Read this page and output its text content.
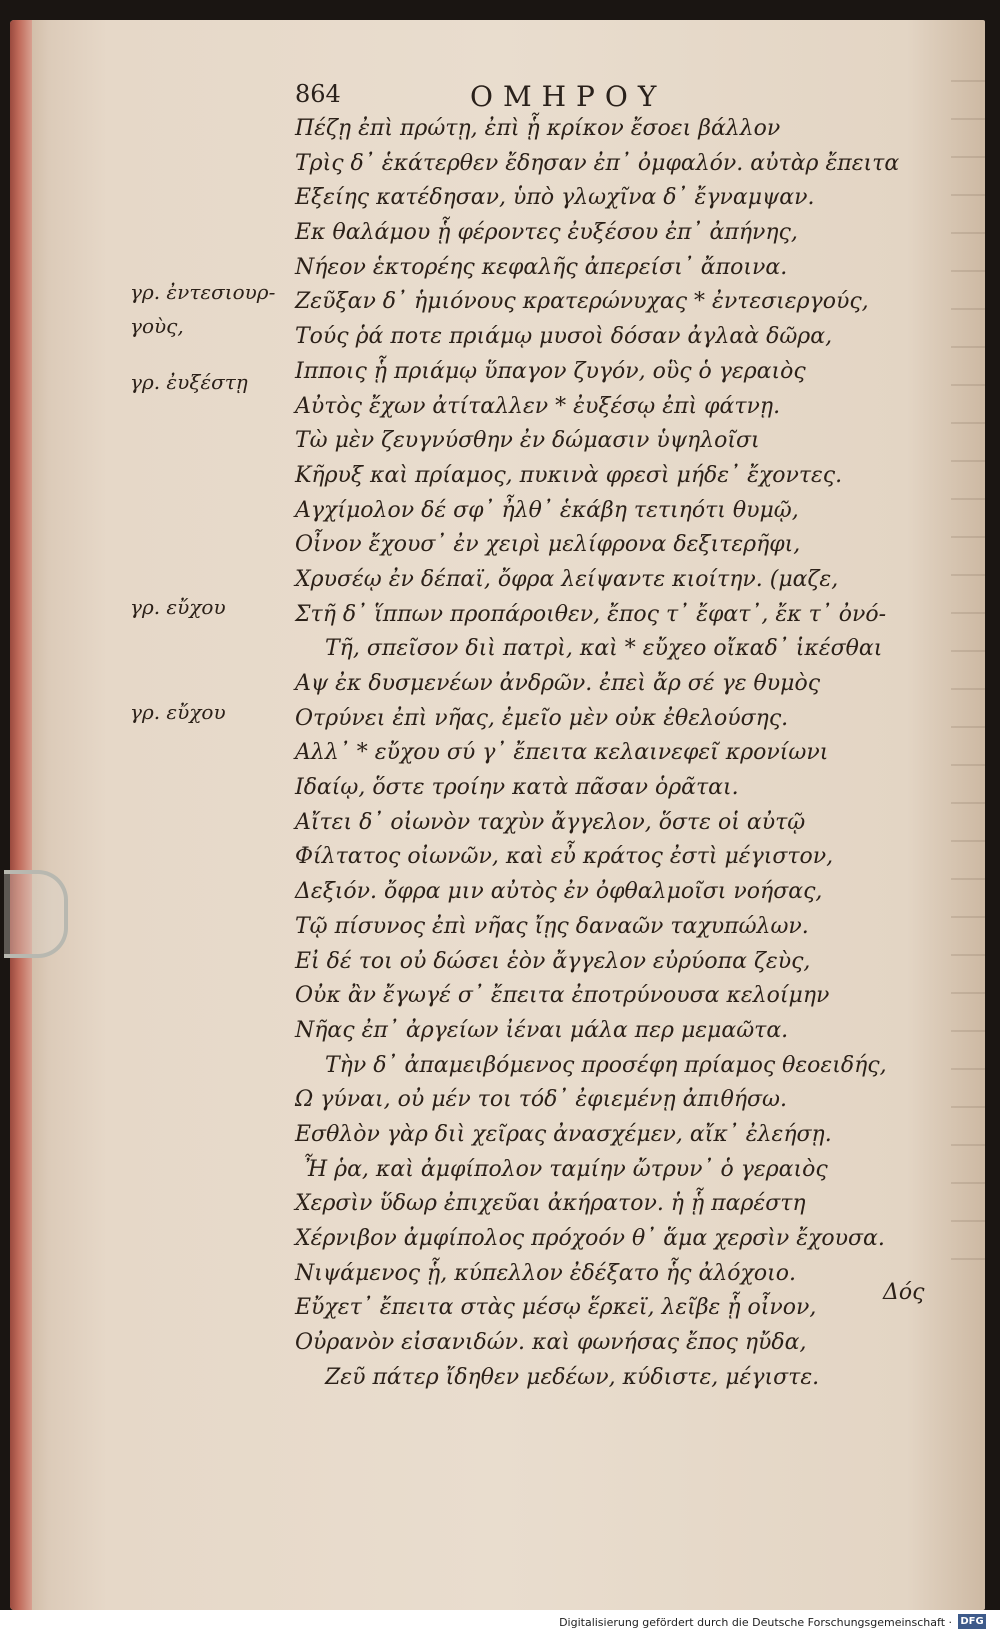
864	ΟΜΗΡΟΥ
γρ. ἐντεσιουρ-
γοὺς,
γρ. ἐυξέστῃ
γρ. εὔχου
γρ. εὔχου
Πέζῃ ἐπὶ πρώτῃ, ἐπὶ ᾗ κρίκον ἔσοει βάλλον
Τρὶς δ᾽ ἑκάτερθεν ἔδησαν ἐπ᾽ ὀμφαλόν. αὐτὰρ ἔπειτα
Εξείης κατέδησαν, ὑπὸ γλωχῖνα δ᾽ ἔγναμψαν.
Εκ θαλάμου ᾗ φέροντες ἐυξέσου ἐπ᾽ ἀπήνης,
Νήεον ἑκτορέης κεφαλῆς ἀπερείσι᾽ ἄποινα.
Ζεῦξαν δ᾽ ἡμιόνους κρατερώνυχας * ἐντεσιεργούς,
Τούς ῥά ποτε πριάμῳ μυσοὶ δόσαν ἀγλαὰ δῶρα,
Ιπποις ᾗ πριάμῳ ὕπαγον ζυγόν, οὓς ὁ γεραιὸς
Αὐτὸς ἔχων ἀτίταλλεν * ἐυξέσῳ ἐπὶ φάτνῃ.
Τὼ μὲν ζευγνύσθην ἐν δώμασιν ὑψηλοῖσι
Κῆρυξ καὶ πρίαμος, πυκινὰ φρεσὶ μήδε᾽ ἔχοντες.
Αγχίμολον δέ σφ᾽ ἦλθ᾽ ἑκάβη τετιηότι θυμῷ,
Οἶνον ἔχουσ᾽ ἐν χειρὶ μελίφρονα δεξιτερῆφι,
Χρυσέῳ ἐν δέπαϊ, ὄφρα λείψαντε κιοίτην. (μαζε,
Στῆ δ᾽ ἵππων προπάροιθεν, ἔπος τ᾽ ἔφατ᾽, ἔκ τ᾽ ὀνό-
Τῆ, σπεῖσον διὶ πατρὶ, καὶ * εὔχεο οἴκαδ᾽ ἱκέσθαι
Αψ ἐκ δυσμενέων ἀνδρῶν. ἐπεὶ ἄρ σέ γε θυμὸς
Οτρύνει ἐπὶ νῆας, ἐμεῖο μὲν οὐκ ἐθελούσης.
Αλλ᾽ * εὔχου σύ γ᾽ ἔπειτα κελαινεφεῖ κρονίωνι
Ιδαίῳ, ὅστε τροίην κατὰ πᾶσαν ὁρᾶται.
Αἴτει δ᾽ οἰωνὸν ταχὺν ἄγγελον, ὅστε οἱ αὐτῷ
Φίλτατος οἰωνῶν, καὶ εὖ κράτος ἐστὶ μέγιστον,
Δεξιόν. ὄφρα μιν αὐτὸς ἐν ὀφθαλμοῖσι νοήσας,
Τῷ πίσυνος ἐπὶ νῆας ἴῃς δαναῶν ταχυπώλων.
Εἰ δέ τοι οὐ δώσει ἑὸν ἄγγελον εὐρύοπα ζεὺς,
Οὐκ ἂν ἔγωγέ σ᾽ ἔπειτα ἐποτρύνουσα κελοίμην
Νῆας ἐπ᾽ ἀργείων ἰέναι μάλα περ μεμαῶτα.
Τὴν δ᾽ ἀπαμειβόμενος προσέφη πρίαμος θεοειδής,
Ω γύναι, οὐ μέν τοι τόδ᾽ ἐφιεμένῃ ἀπιθήσω.
Εσθλὸν γὰρ διὶ χεῖρας ἀνασχέμεν, αἴκ᾽ ἐλεήσῃ.
Ἦ ῥα, καὶ ἀμφίπολον ταμίην ὤτρυν᾽ ὁ γεραιὸς
Χερσὶν ὕδωρ ἐπιχεῦαι ἀκήρατον. ἡ ᾗ παρέστη
Χέρνιβον ἀμφίπολος πρόχοόν θ᾽ ἅμα χερσὶν ἔχουσα.
Νιψάμενος ᾗ, κύπελλον ἐδέξατο ἧς ἀλόχοιο.
Εὔχετ᾽ ἔπειτα στὰς μέσῳ ἕρκεϊ, λεῖβε ᾗ οἶνον,
Οὐρανὸν εἰσανιδών. καὶ φωνήσας ἔπος ηὔδα,
Ζεῦ πάτερ ἴδηθεν μεδέων, κύδιστε, μέγιστε.
Δός
Digitalisierung gefördert durch die Deutsche Forschungsgemeinschaft · DFG
